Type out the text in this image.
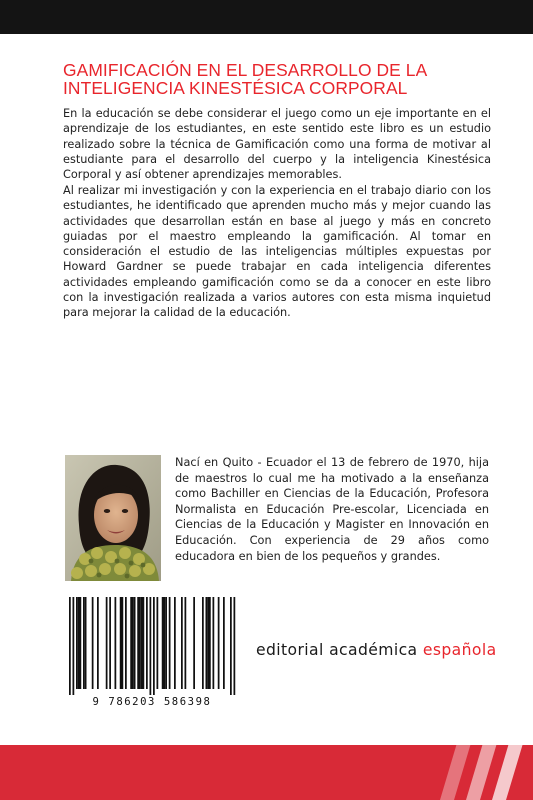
GAMIFICACIÓN EN EL DESARROLLO DE LA
INTELIGENCIA KINESTÉSICA CORPORAL

En la educación se debe considerar el juego como un eje importante en el aprendizaje de los estudiantes, en este sentido este libro es un estudio realizado sobre la técnica de Gamificación como una forma de motivar al estudiante para el desarrollo del cuerpo y la inteligencia Kinestésica Corporal y así obtener aprendizajes memorables.

Al realizar mi investigación y con la experiencia en el trabajo diario con los estudiantes, he identificado que aprenden mucho más y mejor cuando las actividades que desarrollan están en base al juego y más en concreto guiadas por el maestro empleando la gamificación. Al tomar en consideración el estudio de las inteligencias múltiples expuestas por Howard Gardner se puede trabajar en cada inteligencia diferentes actividades empleando gamificación como se da a conocer en este libro con la investigación realizada a varios autores con esta misma inquietud para mejorar la calidad de la educación.

Nací en Quito - Ecuador el 13 de febrero de 1970, hija de maestros lo cual me ha motivado a la enseñanza como Bachiller en Ciencias de la Educación, Profesora Normalista en Educación Pre-escolar, Licenciada en Ciencias de la Educación y Magister en Innovación en Educación. Con experiencia de 29 años como educadora en bien de los pequeños y grandes.

9 786203 586398
editorial académica española
